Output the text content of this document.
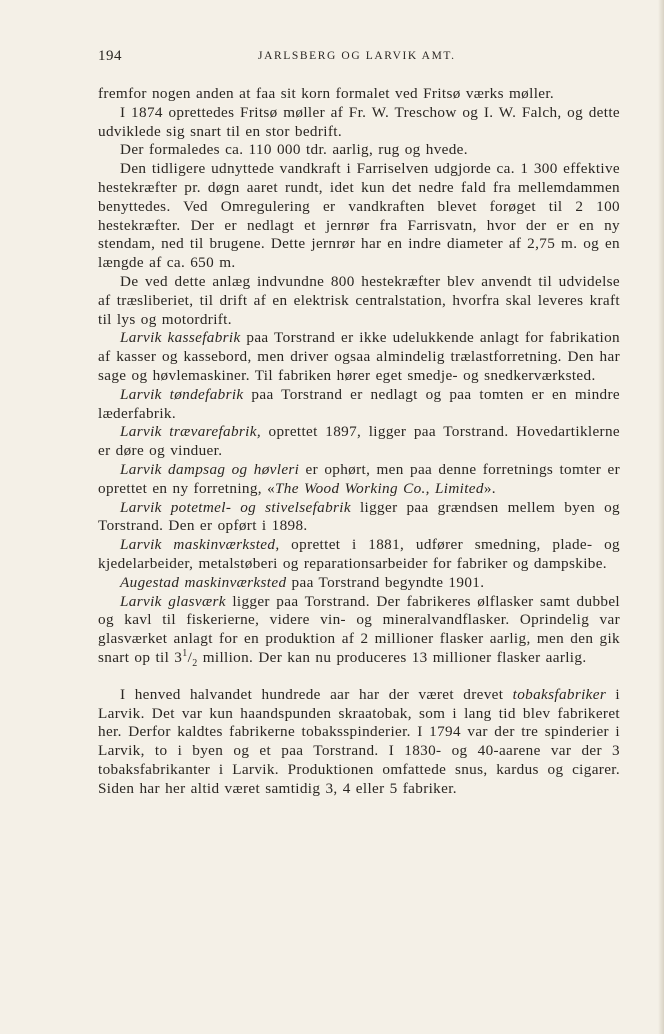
194	JARLSBERG OG LARVIK AMT.

fremfor nogen anden at faa sit korn formalet ved Fritsø værks møller.

I 1874 oprettedes Fritsø møller af Fr. W. Treschow og I. W. Falch, og dette udviklede sig snart til en stor bedrift.

Der formaledes ca. 110 000 tdr. aarlig, rug og hvede.

Den tidligere udnyttede vandkraft i Farriselven udgjorde ca. 1 300 effektive hestekræfter pr. døgn aaret rundt, idet kun det nedre fald fra mellemdammen benyttedes. Ved Omregulering er vandkraften blevet forøget til 2 100 hestekræfter. Der er nedlagt et jernrør fra Farrisvatn, hvor der er en ny stendam, ned til brugene. Dette jernrør har en indre diameter af 2,75 m. og en længde af ca. 650 m.

De ved dette anlæg indvundne 800 hestekræfter blev anvendt til udvidelse af træsliberiet, til drift af en elektrisk centralstation, hvorfra skal leveres kraft til lys og motordrift.

Larvik kassefabrik paa Torstrand er ikke udelukkende anlagt for fabrikation af kasser og kassebord, men driver ogsaa almindelig trælastforretning. Den har sage og høvlemaskiner. Til fabriken hører eget smedje- og snedkerværksted.

Larvik tøndefabrik paa Torstrand er nedlagt og paa tomten er en mindre læderfabrik.

Larvik trævarefabrik, oprettet 1897, ligger paa Torstrand. Hovedartiklerne er døre og vinduer.

Larvik dampsag og høvleri er ophørt, men paa denne forretnings tomter er oprettet en ny forretning, «The Wood Working Co., Limited».

Larvik potetmel- og stivelsefabrik ligger paa grændsen mellem byen og Torstrand. Den er opført i 1898.

Larvik maskinværksted, oprettet i 1881, udfører smedning, plade- og kjedelarbeider, metalstøberi og reparationsarbeider for fabriker og dampskibe.

Augestad maskinværksted paa Torstrand begyndte 1901.

Larvik glasværk ligger paa Torstrand. Der fabrikeres ølflasker samt dubbel og kavl til fiskerierne, videre vin- og mineralvandflasker. Oprindelig var glasværket anlagt for en produktion af 2 millioner flasker aarlig, men den gik snart op til $3^1/_2$ million. Der kan nu produceres 13 millioner flasker aarlig.

I henved halvandet hundrede aar har der været drevet tobaksfabriker i Larvik. Det var kun haandspunden skraatobak, som i lang tid blev fabrikeret her. Derfor kaldtes fabrikerne tobaksspinderier. I 1794 var der tre spinderier i Larvik, to i byen og et paa Torstrand. I 1830- og 40-aarene var der 3 tobaksfabrikanter i Larvik. Produktionen omfattede snus, kardus og cigarer. Siden har her altid været samtidig 3, 4 eller 5 fabriker.
